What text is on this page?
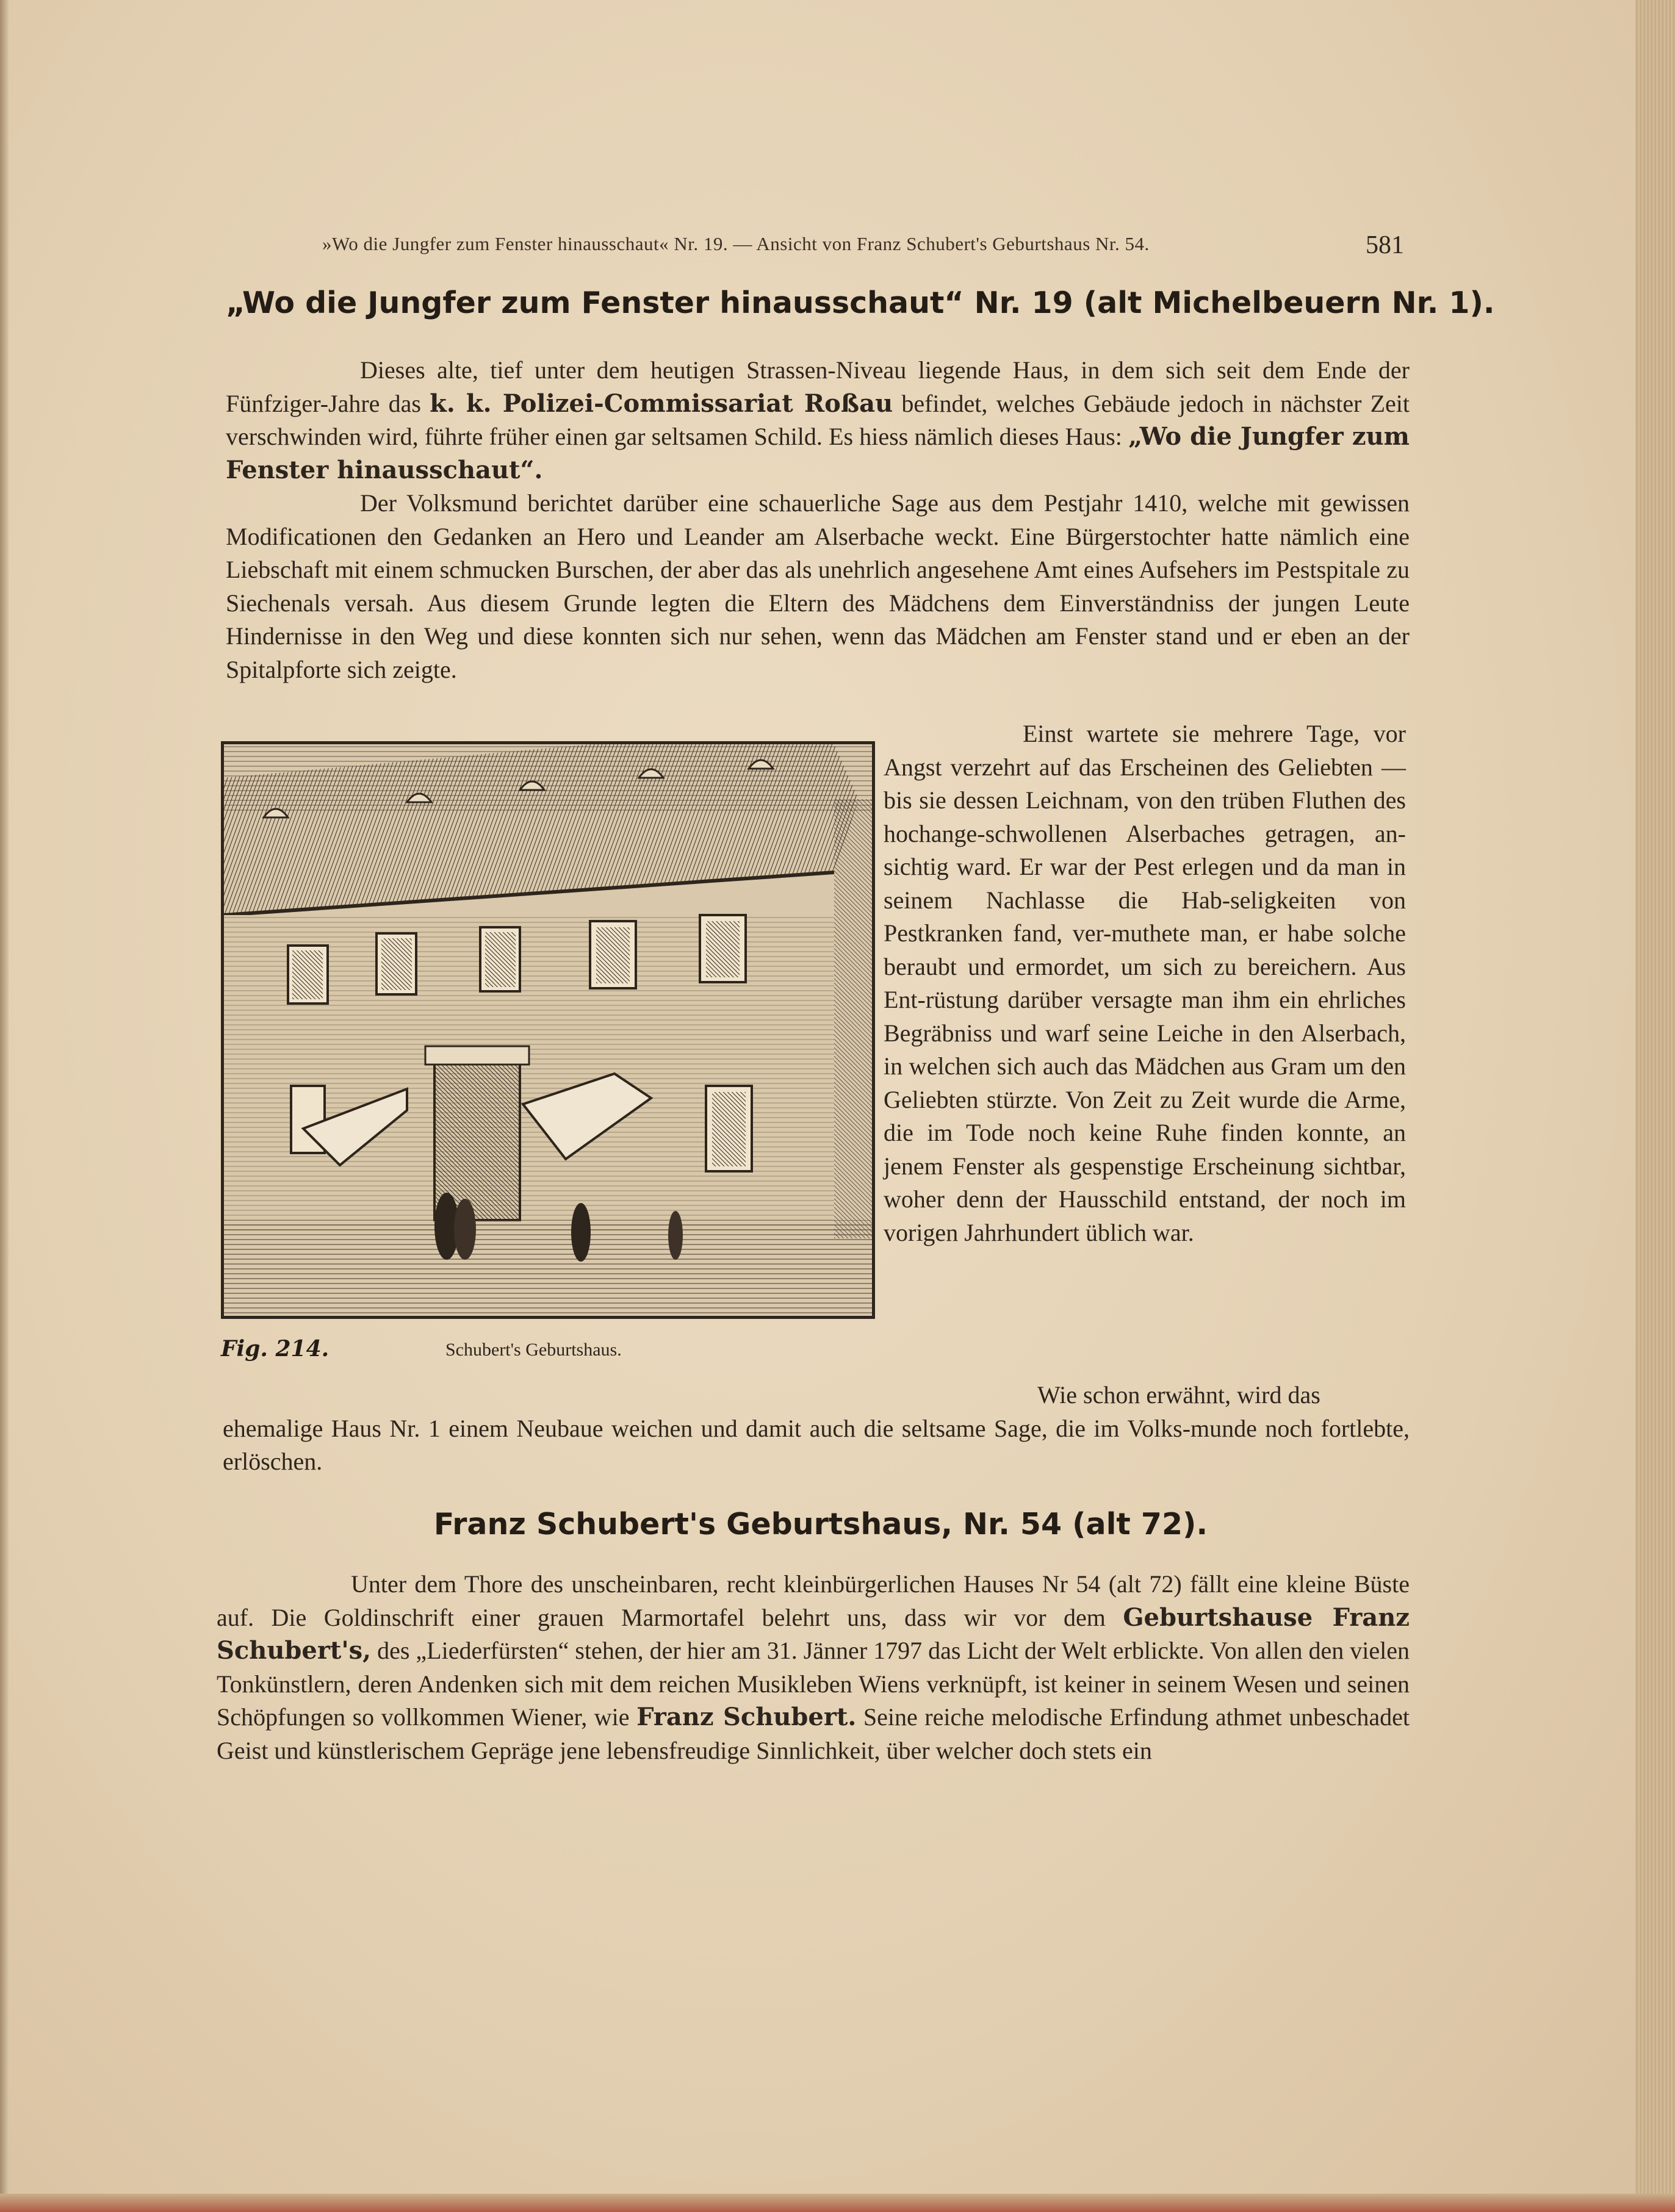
»Wo die Jungfer zum Fenster hinausschaut« Nr. 19. — Ansicht von Franz Schubert's Geburtshaus Nr. 54.	581
„Wo die Jungfer zum Fenster hinausschaut“ Nr. 19 (alt Michelbeuern Nr. 1).

Dieses alte, tief unter dem heutigen Strassen-Niveau liegende Haus, in dem sich seit dem Ende der Fünfziger-Jahre das k. k. Polizei-Commissariat Roßau befindet, welches Gebäude jedoch in nächster Zeit verschwinden wird, führte früher einen gar seltsamen Schild. Es hiess nämlich dieses Haus: „Wo die Jungfer zum Fenster hinausschaut“.

Der Volksmund berichtet darüber eine schauerliche Sage aus dem Pestjahr 1410, welche mit gewissen Modificationen den Gedanken an Hero und Leander am Alserbache weckt. Eine Bürgerstochter hatte nämlich eine Liebschaft mit einem schmucken Burschen, der aber das als unehrlich angesehene Amt eines Aufsehers im Pestspitale zu Siechenals versah. Aus diesem Grunde legten die Eltern des Mädchens dem Einverständniss der jungen Leute Hindernisse in den Weg und diese konnten sich nur sehen, wenn das Mädchen am Fenster stand und er eben an der Spitalpforte sich zeigte.

Fig. 214.	Schubert's Geburtshaus.

Einst wartete sie mehrere Tage, vor Angst verzehrt auf das Erscheinen des Geliebten — bis sie dessen Leichnam, von den trüben Fluthen des hochange-schwollenen Alserbaches getragen, an-sichtig ward. Er war der Pest erlegen und da man in seinem Nachlasse die Hab-seligkeiten von Pestkranken fand, ver-muthete man, er habe solche beraubt und ermordet, um sich zu bereichern. Aus Ent-rüstung darüber versagte man ihm ein ehrliches Begräbniss und warf seine Leiche in den Alserbach, in welchen sich auch das Mädchen aus Gram um den Geliebten stürzte. Von Zeit zu Zeit wurde die Arme, die im Tode noch keine Ruhe finden konnte, an jenem Fenster als gespenstige Erscheinung sichtbar, woher denn der Hausschild entstand, der noch im vorigen Jahrhundert üblich war.

Wie schon erwähnt, wird das

ehemalige Haus Nr. 1 einem Neubaue weichen und damit auch die seltsame Sage, die im Volks-munde noch fortlebte, erlöschen.

Franz Schubert's Geburtshaus, Nr. 54 (alt 72).

Unter dem Thore des unscheinbaren, recht kleinbürgerlichen Hauses Nr 54 (alt 72) fällt eine kleine Büste auf. Die Goldinschrift einer grauen Marmortafel belehrt uns, dass wir vor dem Geburtshause Franz Schubert's, des „Liederfürsten“ stehen, der hier am 31. Jänner 1797 das Licht der Welt erblickte. Von allen den vielen Tonkünstlern, deren Andenken sich mit dem reichen Musikleben Wiens verknüpft, ist keiner in seinem Wesen und seinen Schöpfungen so vollkommen Wiener, wie Franz Schubert. Seine reiche melodische Erfindung athmet unbeschadet Geist und künstlerischem Gepräge jene lebensfreudige Sinnlichkeit, über welcher doch stets ein
